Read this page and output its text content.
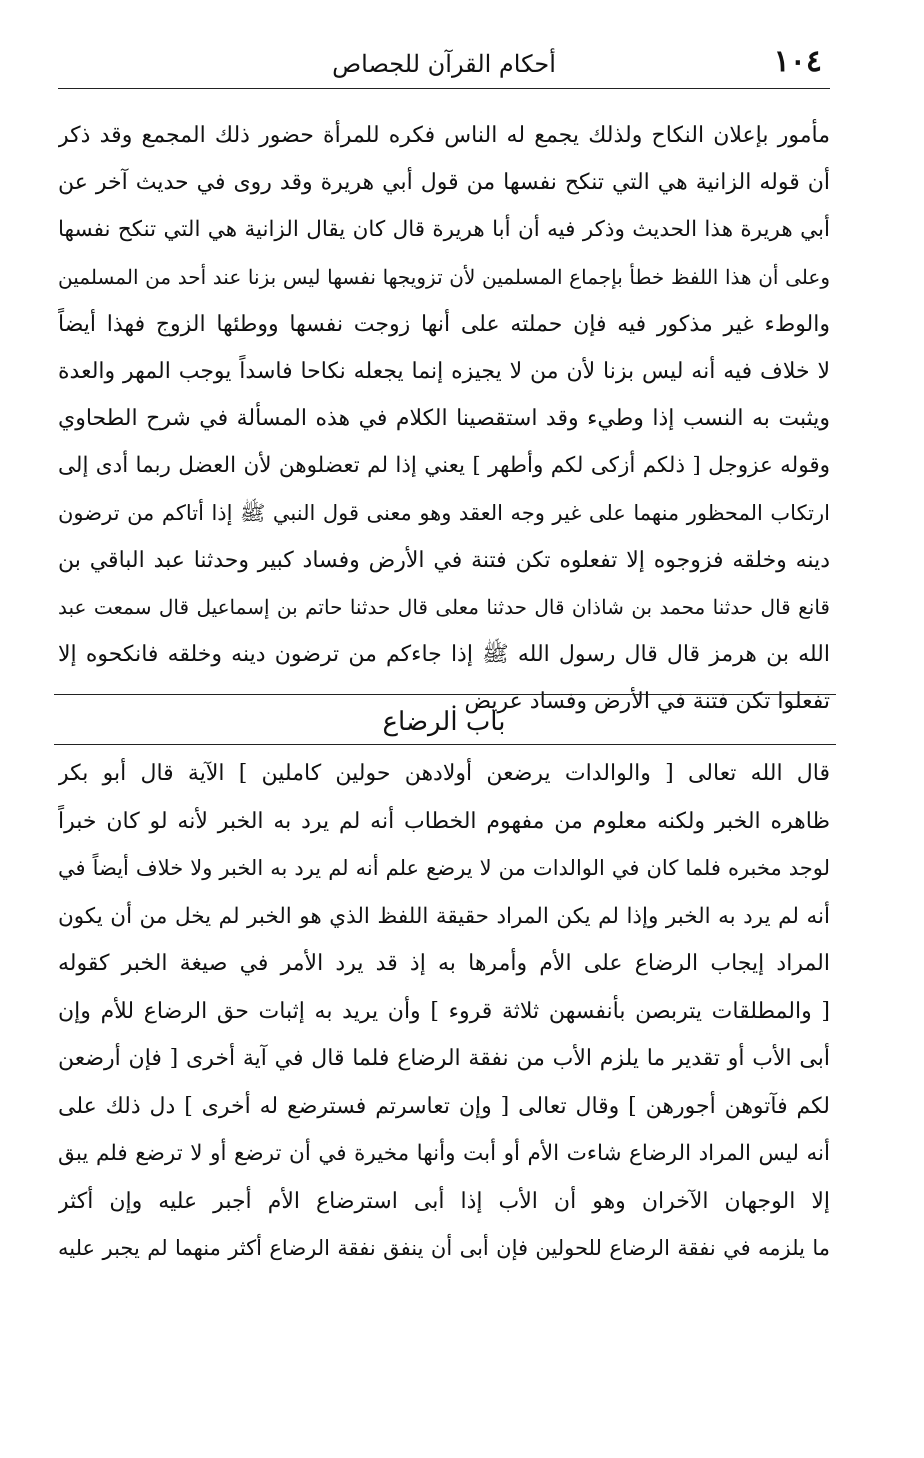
١٠٤
أحكام القرآن للجصاص
مأمور بإعلان النكاح ولذلك يجمع له الناس فكره للمرأة حضور ذلك المجمع وقد ذكر
أن قوله الزانية هي التي تنكح نفسها من قول أبي هريرة وقد روى في حديث آخر عن
أبي هريرة هذا الحديث وذكر فيه أن أبا هريرة قال كان يقال الزانية هي التي تنكح نفسها
وعلى أن هذا اللفظ خطأ بإجماع المسلمين لأن تزويجها نفسها ليس بزنا عند أحد من المسلمين
والوطء غير مذكور فيه فإن حملته على أنها زوجت نفسها ووطئها الزوج فهذا أيضاً
لا خلاف فيه أنه ليس بزنا لأن من لا يجيزه إنما يجعله نكاحا فاسداً يوجب المهر والعدة
ويثبت به النسب إذا وطيء وقد استقصينا الكلام في هذه المسألة في شرح الطحاوي
وقوله عزوجل [ ذلكم أزكى لكم وأطهر ] يعني إذا لم تعضلوهن لأن العضل ربما أدى إلى
ارتكاب المحظور منهما على غير وجه العقد وهو معنى قول النبي ﷺ إذا أتاكم من ترضون
دينه وخلقه فزوجوه إلا تفعلوه تكن فتنة في الأرض وفساد كبير وحدثنا عبد الباقي بن
قانع قال حدثنا محمد بن شاذان قال حدثنا معلى قال حدثنا حاتم بن إسماعيل قال سمعت عبد
الله بن هرمز قال قال رسول الله ﷺ إذا جاءكم من ترضون دينه وخلقه فانكحوه إلا
تفعلوا تكن فتنة في الأرض وفساد عريض .
باب الرضاع
قال الله تعالى [ والوالدات يرضعن أولادهن حولين كاملين ] الآية قال أبو بكر
ظاهره الخبر ولكنه معلوم من مفهوم الخطاب أنه لم يرد به الخبر لأنه لو كان خبراً
لوجد مخبره فلما كان في الوالدات من لا يرضع علم أنه لم يرد به الخبر ولا خلاف أيضاً في
أنه لم يرد به الخبر وإذا لم يكن المراد حقيقة اللفظ الذي هو الخبر لم يخل من أن يكون
المراد إيجاب الرضاع على الأم وأمرها به إذ قد يرد الأمر في صيغة الخبر كقوله
[ والمطلقات يتربصن بأنفسهن ثلاثة قروء ] وأن يريد به إثبات حق الرضاع للأم وإن
أبى الأب أو تقدير ما يلزم الأب من نفقة الرضاع فلما قال في آية أخرى [ فإن أرضعن
لكم فآتوهن أجورهن ] وقال تعالى [ وإن تعاسرتم فسترضع له أخرى ] دل ذلك على
أنه ليس المراد الرضاع شاءت الأم أو أبت وأنها مخيرة في أن ترضع أو لا ترضع فلم يبق
إلا الوجهان الآخران وهو أن الأب إذا أبى استرضاع الأم أجبر عليه وإن أكثر
ما يلزمه في نفقة الرضاع للحولين فإن أبى أن ينفق نفقة الرضاع أكثر منهما لم يجبر عليه
